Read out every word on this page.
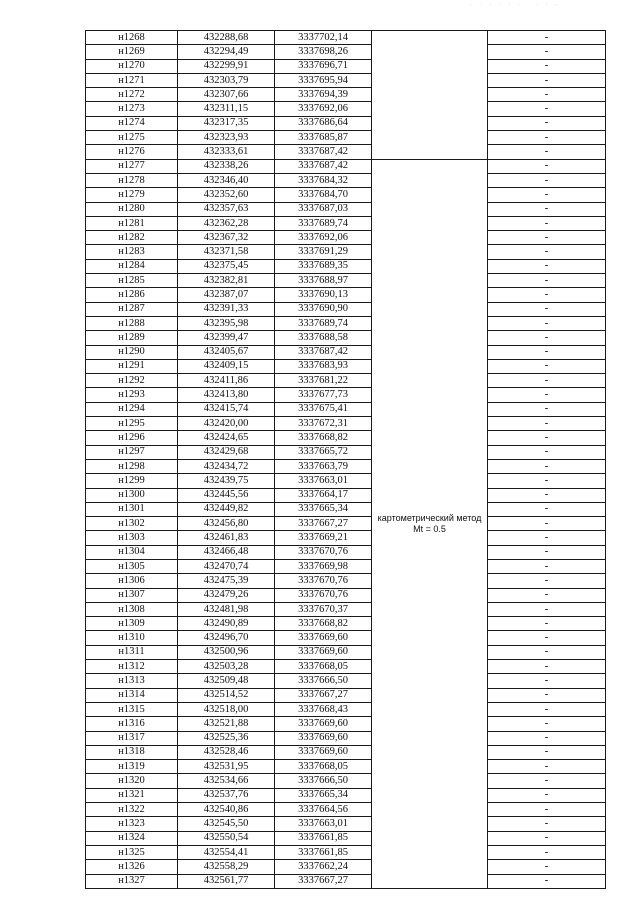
- - - · - - · - - -
н1268	432288,68	3337702,14		-
н1269	432294,49	3337698,26		-
н1270	432299,91	3337696,71		-
н1271	432303,79	3337695,94		-
н1272	432307,66	3337694,39		-
н1273	432311,15	3337692,06		-
н1274	432317,35	3337686,64		-
н1275	432323,93	3337685,87		-
н1276	432333,61	3337687,42		-
н1277	432338,26	3337687,42	картометрический метод Mt = 0.5	-
н1278	432346,40	3337684,32		-
н1279	432352,60	3337684,70		-
н1280	432357,63	3337687,03		-
н1281	432362,28	3337689,74		-
н1282	432367,32	3337692,06		-
н1283	432371,58	3337691,29		-
н1284	432375,45	3337689,35		-
н1285	432382,81	3337688,97		-
н1286	432387,07	3337690,13		-
н1287	432391,33	3337690,90		-
н1288	432395,98	3337689,74		-
н1289	432399,47	3337688,58		-
н1290	432405,67	3337687,42		-
н1291	432409,15	3337683,93		-
н1292	432411,86	3337681,22		-
н1293	432413,80	3337677,73		-
н1294	432415,74	3337675,41		-
н1295	432420,00	3337672,31		-
н1296	432424,65	3337668,82		-
н1297	432429,68	3337665,72		-
н1298	432434,72	3337663,79		-
н1299	432439,75	3337663,01		-
н1300	432445,56	3337664,17		-
н1301	432449,82	3337665,34		-
н1302	432456,80	3337667,27		-
н1303	432461,83	3337669,21		-
н1304	432466,48	3337670,76		-
н1305	432470,74	3337669,98		-
н1306	432475,39	3337670,76		-
н1307	432479,26	3337670,76		-
н1308	432481,98	3337670,37		-
н1309	432490,89	3337668,82		-
н1310	432496,70	3337669,60		-
н1311	432500,96	3337669,60		-
н1312	432503,28	3337668,05		-
н1313	432509,48	3337666,50		-
н1314	432514,52	3337667,27		-
н1315	432518,00	3337668,43		-
н1316	432521,88	3337669,60		-
н1317	432525,36	3337669,60		-
н1318	432528,46	3337669,60		-
н1319	432531,95	3337668,05		-
н1320	432534,66	3337666,50		-
н1321	432537,76	3337665,34		-
н1322	432540,86	3337664,56		-
н1323	432545,50	3337663,01		-
н1324	432550,54	3337661,85		-
н1325	432554,41	3337661,85		-
н1326	432558,29	3337662,24		-
н1327	432561,77	3337667,27		-
